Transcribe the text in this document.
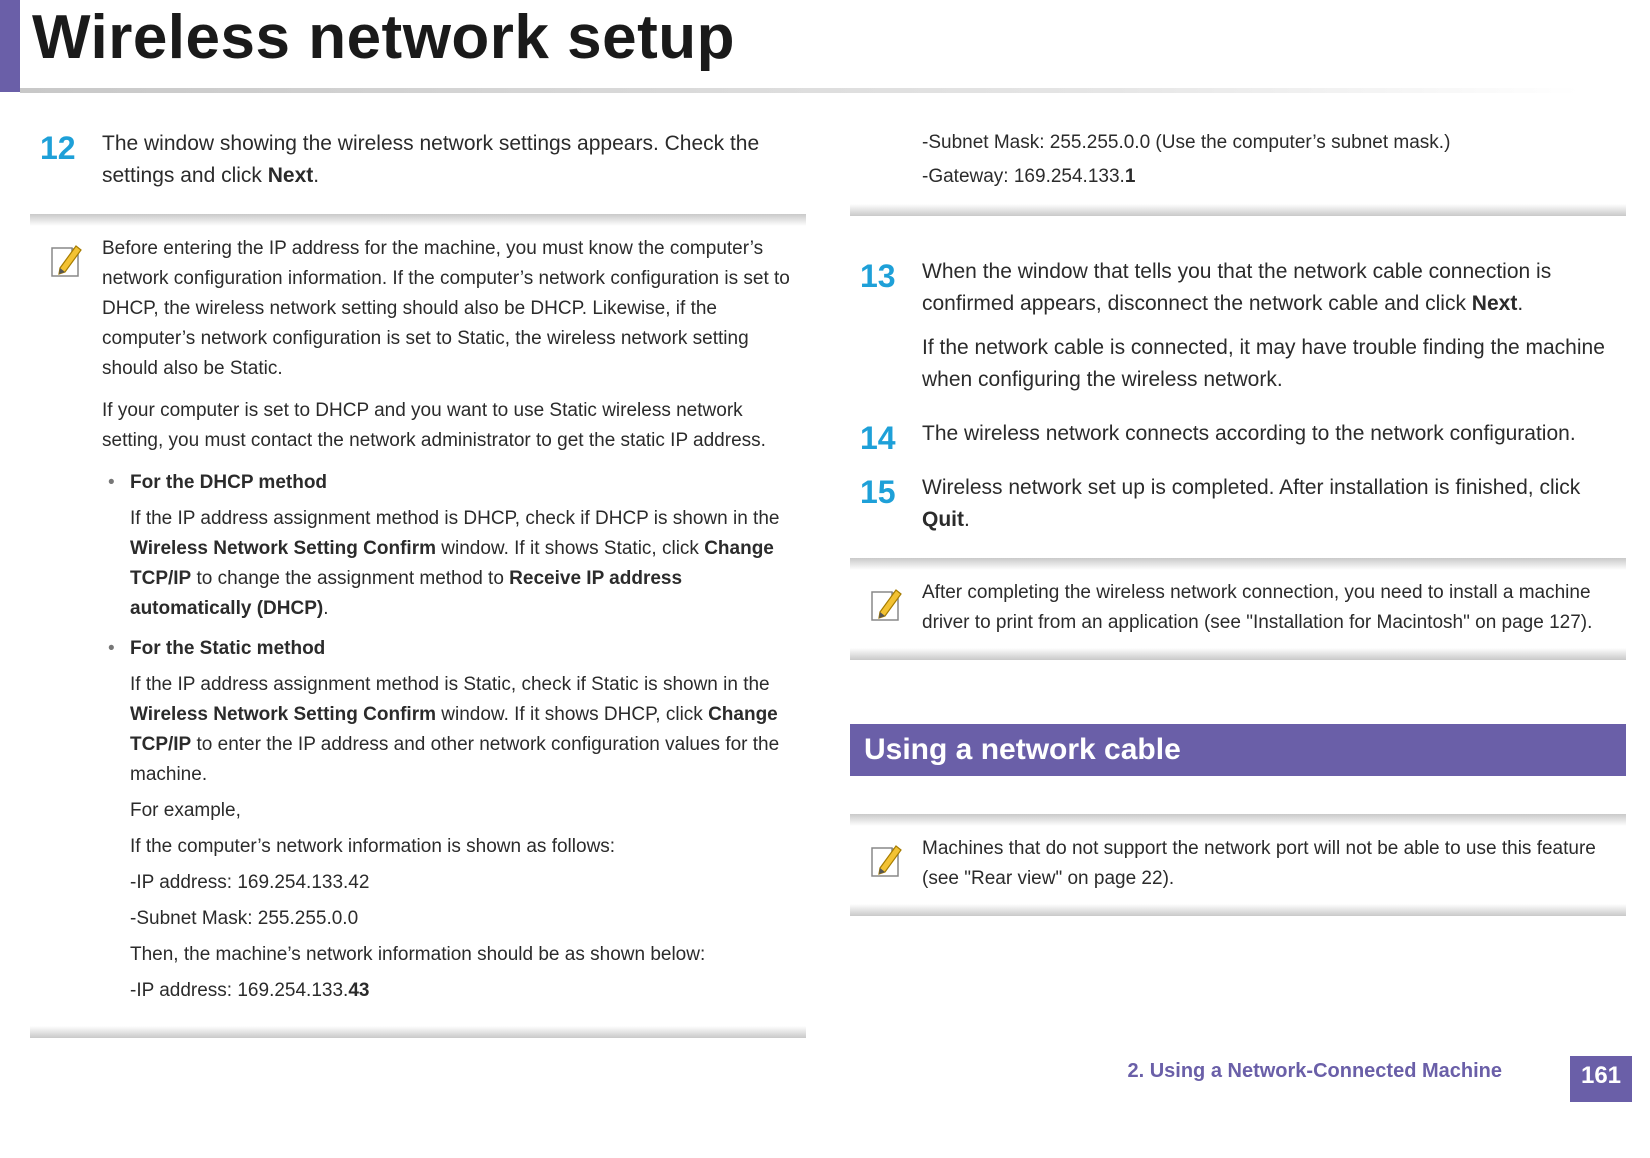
Wireless network setup
12 The window showing the wireless network settings appears. Check the settings and click Next.

Before entering the IP address for the machine, you must know the computer’s network configuration information. If the computer’s network configuration is set to DHCP, the wireless network setting should also be DHCP. Likewise, if the computer’s network configuration is set to Static, the wireless network setting should also be Static.

If your computer is set to DHCP and you want to use Static wireless network setting, you must contact the network administrator to get the static IP address.

• For the DHCP method

If the IP address assignment method is DHCP, check if DHCP is shown in the Wireless Network Setting Confirm window. If it shows Static, click Change TCP/IP to change the assignment method to Receive IP address automatically (DHCP).

• For the Static method

If the IP address assignment method is Static, check if Static is shown in the Wireless Network Setting Confirm window. If it shows DHCP, click Change TCP/IP to enter the IP address and other network configuration values for the machine.

For example,

If the computer’s network information is shown as follows:

-IP address: 169.254.133.42

-Subnet Mask: 255.255.0.0

Then, the machine’s network information should be as shown below:

-IP address: 169.254.133.43

-Subnet Mask: 255.255.0.0 (Use the computer’s subnet mask.)

-Gateway: 169.254.133.1

13 When the window that tells you that the network cable connection is confirmed appears, disconnect the network cable and click Next.

If the network cable is connected, it may have trouble finding the machine when configuring the wireless network.

14 The wireless network connects according to the network configuration.

15 Wireless network set up is completed. After installation is finished, click Quit.

After completing the wireless network connection, you need to install a machine driver to print from an application (see "Installation for Macintosh" on page 127).

Using a network cable

Machines that do not support the network port will not be able to use this feature (see "Rear view" on page 22).

2. Using a Network-Connected Machine	161
